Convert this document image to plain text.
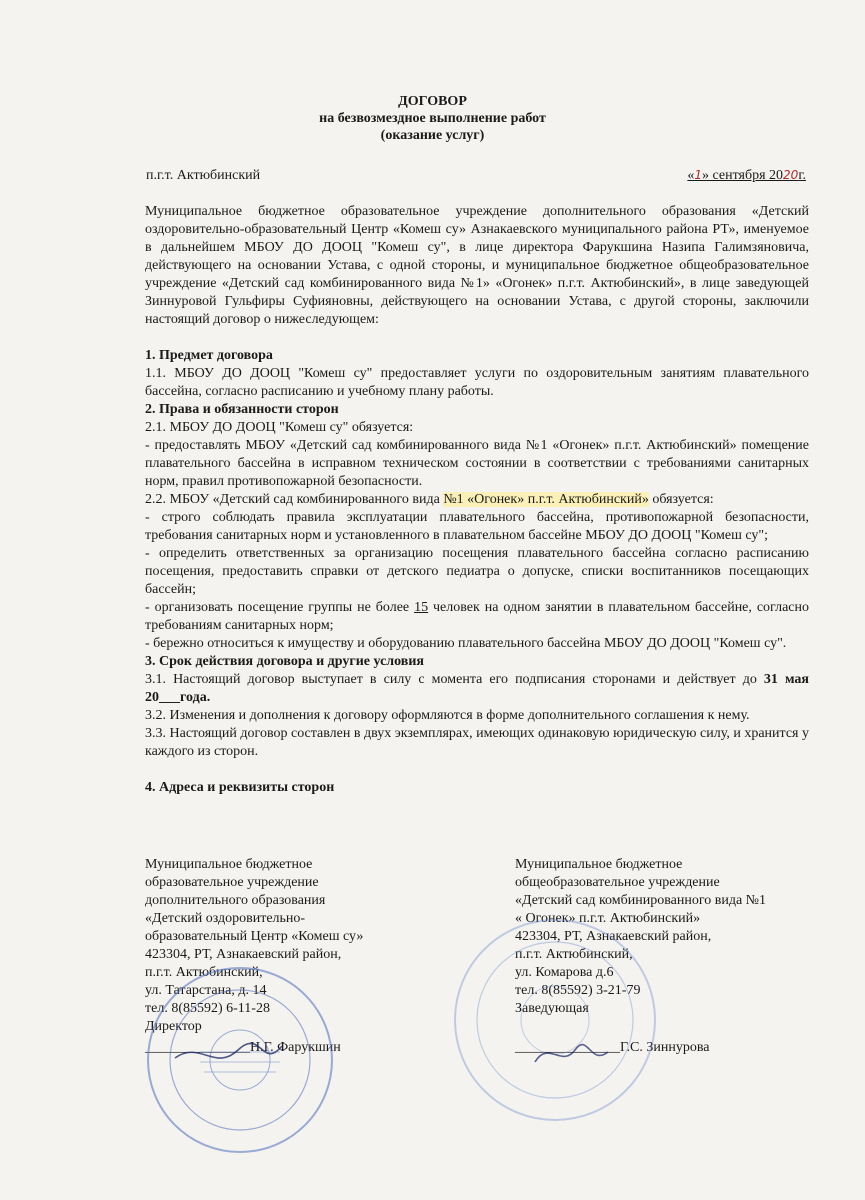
ДОГОВОР
на безвозмездное выполнение работ
(оказание услуг)
п.г.т. Актюбинский	«1» сентября 2020г.

Муниципальное бюджетное образовательное учреждение дополнительного образования «Детский оздоровительно-образовательный Центр «Комеш су» Азнакаевского муниципального района РТ», именуемое в дальнейшем МБОУ ДО ДООЦ "Комеш су", в лице директора Фарукшина Назипа Галимзяновича, действующего на основании Устава, с одной стороны, и муниципальное бюджетное общеобразовательное учреждение «Детский сад комбинированного вида №1» «Огонек» п.г.т. Актюбинский», в лице заведующей Зиннуровой Гульфиры Суфияновны, действующего на основании Устава, с другой стороны, заключили настоящий договор о нижеследующем:

1. Предмет договора

1.1. МБОУ ДО ДООЦ "Комеш су" предоставляет услуги по оздоровительным занятиям плавательного бассейна, согласно расписанию и учебному плану работы.

2. Права и обязанности сторон

2.1. МБОУ ДО ДООЦ "Комеш су" обязуется:

- предоставлять МБОУ «Детский сад комбинированного вида №1 «Огонек» п.г.т. Актюбинский» помещение плавательного бассейна в исправном техническом состоянии в соответствии с требованиями санитарных норм, правил противопожарной безопасности.

2.2. МБОУ «Детский сад комбинированного вида №1 «Огонек» п.г.т. Актюбинский» обязуется:

- строго соблюдать правила эксплуатации плавательного бассейна, противопожарной безопасности, требования санитарных норм и установленного в плавательном бассейне МБОУ ДО ДООЦ "Комеш су";

- определить ответственных за организацию посещения плавательного бассейна согласно расписанию посещения, предоставить справки от детского педиатра о допуске, списки воспитанников посещающих бассейн;

- организовать посещение группы не более 15 человек на одном занятии в плавательном бассейне, согласно требованиям санитарных норм;

- бережно относиться к имуществу и оборудованию плавательного бассейна МБОУ ДО ДООЦ "Комеш су".

3. Срок действия договора и другие условия

3.1. Настоящий договор выступает в силу с момента его подписания сторонами и действует до 31 мая 20___года.

3.2. Изменения и дополнения к договору оформляются в форме дополнительного соглашения к нему.

3.3. Настоящий договор составлен в двух экземплярах, имеющих одинаковую юридическую силу, и хранится у каждого из сторон.

4. Адреса и реквизиты сторон

Муниципальное бюджетное
образовательное учреждение
дополнительного образования
«Детский оздоровительно-
образовательный Центр «Комеш су»
423304, РТ, Азнакаевский район,
п.г.т. Актюбинский,
ул. Татарстана, д. 14
тел. 8(85592) 6-11-28
Директор
_______________Н.Г. Фарукшин
Муниципальное бюджетное
общеобразовательное учреждение
«Детский сад комбинированного вида №1
« Огонек» п.г.т. Актюбинский»
423304, РТ, Азнакаевский район,
п.г.т. Актюбинский,
ул. Комарова д.6
тел. 8(85592) 3-21-79
Заведующая
_______________Г.С. Зиннурова
